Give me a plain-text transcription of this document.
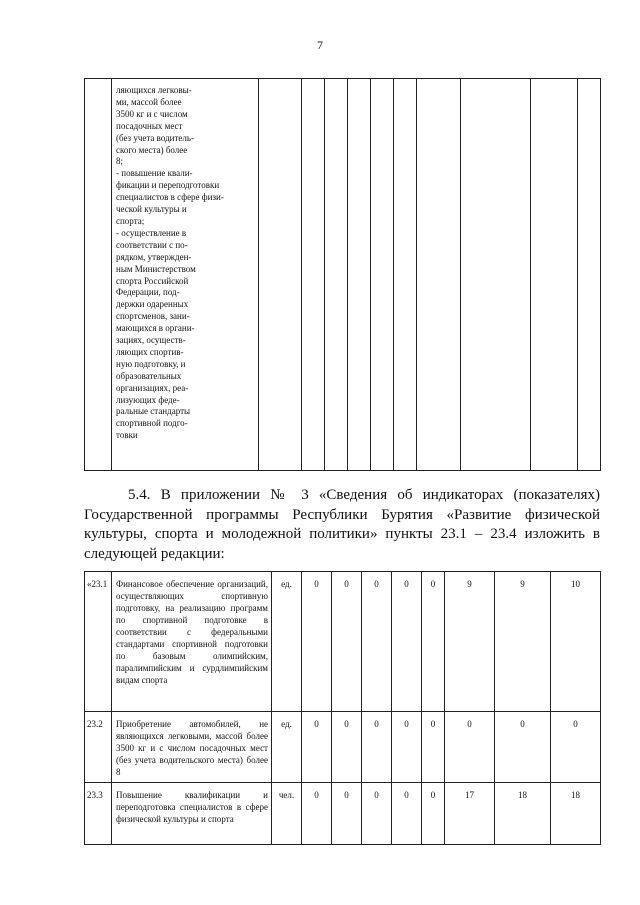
7

ляющихся легковы-
ми, массой более
3500 кг и с числом
посадочных мест
(без учета водитель-
ского места) более
8;
- повышение квали-
фикации и переподготовки
специалистов в сфере физи-
ческой культуры и
спорта;
- осуществление в
соответствии с по-
рядком, утвержден-
ным Министерством
спорта Российской
Федерации, под-
держки одаренных
спортсменов, зани-
мающихся в органи-
зациях, осуществ-
ляющих спортив-
ную подготовку, и
образовательных
организациях, реа-
лизующих феде-
ральные стандарты
спортивной подго-
товки

5.4. В приложении № 3 «Сведения об индикаторах (показателях) Государственной программы Республики Бурятия «Развитие физической культуры, спорта и молодежной политики» пункты 23.1 – 23.4 изложить в следующей редакции:
«23.1	Финансовое обеспечение организаций, осуществляющих спортивную подготовку, на реализацию программ по спортивной подготовке в соответствии с федеральными стандартами спортивной подготовки по базовым олимпийским, паралимпийским и сурдлимпийским видам спорта	ед.	0	0	0	0	0	9	9	10
23.2	Приобретение автомобилей, не являющихся легковыми, массой более 3500 кг и с числом посадочных мест (без учета водительского места) более 8	ед.	0	0	0	0	0	0	0	0
23.3	Повышение квалификации и переподготовка специалистов в сфере физической культуры и спорта	чел.	0	0	0	0	0	17	18	18
